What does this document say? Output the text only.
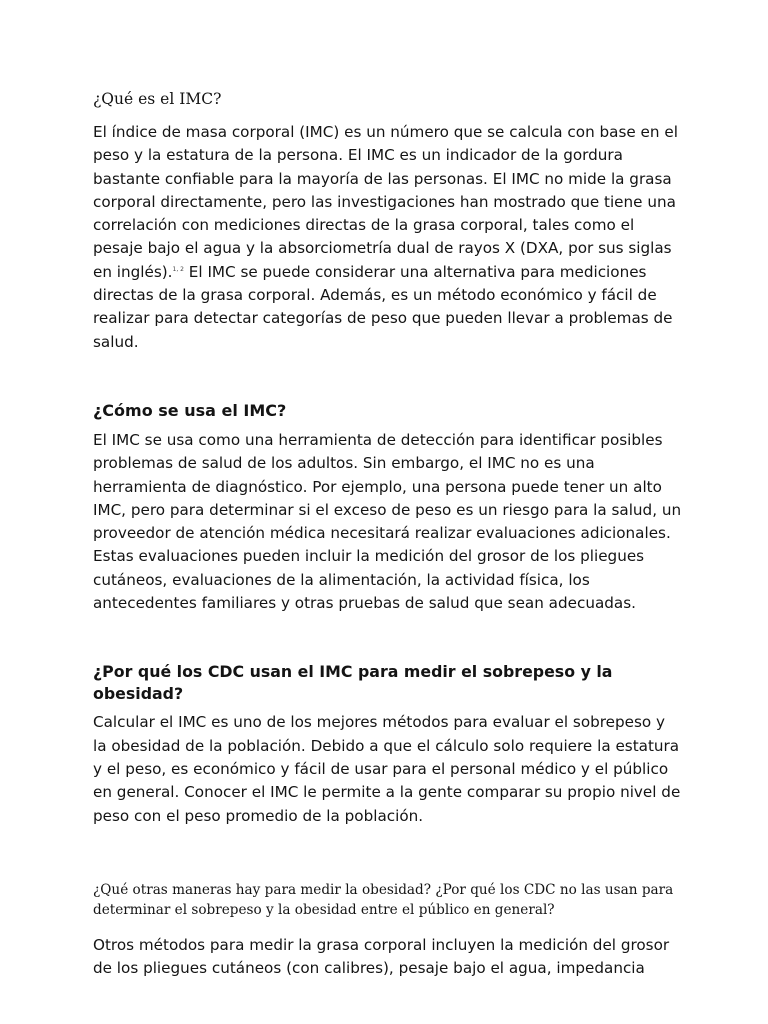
¿Qué es el IMC?

El índice de masa corporal (IMC) es un número que se calcula con base en el peso y la estatura de la persona. El IMC es un indicador de la gordura bastante confiable para la mayoría de las personas. El IMC no mide la grasa corporal directamente, pero las investigaciones han mostrado que tiene una correlación con mediciones directas de la grasa corporal, tales como el pesaje bajo el agua y la absorciometría dual de rayos X (DXA, por sus siglas en inglés).$^{1, 2}$ El IMC se puede considerar una alternativa para mediciones directas de la grasa corporal. Además, es un método económico y fácil de realizar para detectar categorías de peso que pueden llevar a problemas de salud.

¿Cómo se usa el IMC?

El IMC se usa como una herramienta de detección para identificar posibles problemas de salud de los adultos. Sin embargo, el IMC no es una herramienta de diagnóstico. Por ejemplo, una persona puede tener un alto IMC, pero para determinar si el exceso de peso es un riesgo para la salud, un proveedor de atención médica necesitará realizar evaluaciones adicionales. Estas evaluaciones pueden incluir la medición del grosor de los pliegues cutáneos, evaluaciones de la alimentación, la actividad física, los antecedentes familiares y otras pruebas de salud que sean adecuadas.

¿Por qué los CDC usan el IMC para medir el sobrepeso y la obesidad?

Calcular el IMC es uno de los mejores métodos para evaluar el sobrepeso y la obesidad de la población. Debido a que el cálculo solo requiere la estatura y el peso, es económico y fácil de usar para el personal médico y el público en general. Conocer el IMC le permite a la gente comparar su propio nivel de peso con el peso promedio de la población.

¿Qué otras maneras hay para medir la obesidad? ¿Por qué los CDC no las usan para determinar el sobrepeso y la obesidad entre el público en general?

Otros métodos para medir la grasa corporal incluyen la medición del grosor de los pliegues cutáneos (con calibres), pesaje bajo el agua, impedancia
